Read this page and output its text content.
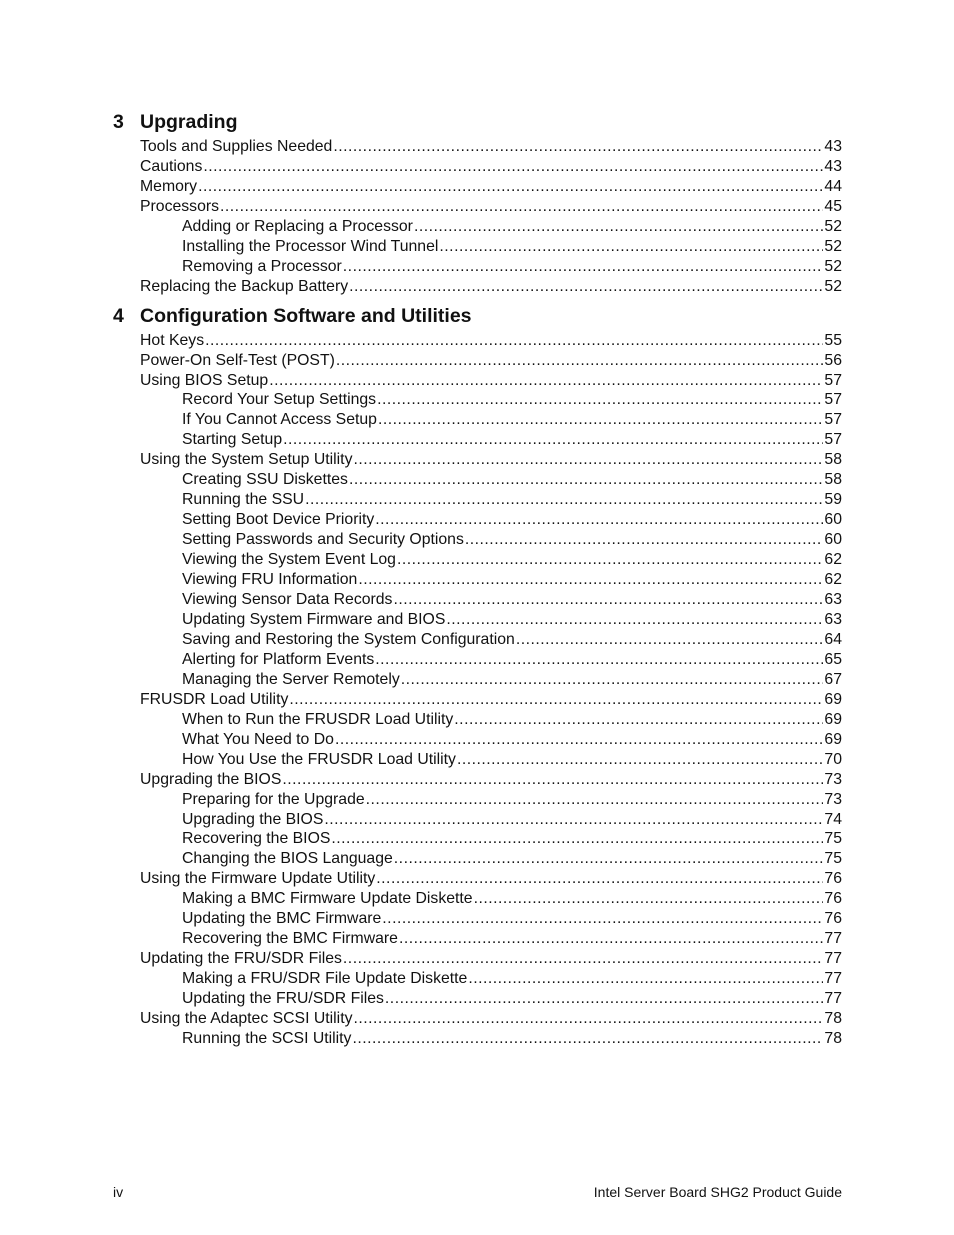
3 Upgrading
Tools and Supplies Needed .....	43
Cautions .....	43
Memory .....	44
Processors .....	45
Adding or Replacing a Processor .....	52
Installing the Processor Wind Tunnel .....	52
Removing a Processor .....	52
Replacing the Backup Battery .....	52
4 Configuration Software and Utilities
Hot Keys .....	55
Power-On Self-Test (POST) .....	56
Using BIOS Setup .....	57
Record Your Setup Settings .....	57
If You Cannot Access Setup .....	57
Starting Setup .....	57
Using the System Setup Utility .....	58
Creating SSU Diskettes .....	58
Running the SSU .....	59
Setting Boot Device Priority .....	60
Setting Passwords and Security Options .....	60
Viewing the System Event Log .....	62
Viewing FRU Information .....	62
Viewing Sensor Data Records .....	63
Updating System Firmware and BIOS .....	63
Saving and Restoring the System Configuration .....	64
Alerting for Platform Events .....	65
Managing the Server Remotely .....	67
FRUSDR Load Utility .....	69
When to Run the FRUSDR Load Utility .....	69
What You Need to Do .....	69
How You Use the FRUSDR Load Utility .....	70
Upgrading the BIOS .....	73
Preparing for the Upgrade .....	73
Upgrading the BIOS .....	74
Recovering the BIOS .....	75
Changing the BIOS Language .....	75
Using the Firmware Update Utility .....	76
Making a BMC Firmware Update Diskette .....	76
Updating the BMC Firmware .....	76
Recovering the BMC Firmware .....	77
Updating the FRU/SDR Files .....	77
Making a FRU/SDR File Update Diskette .....	77
Updating the FRU/SDR Files .....	77
Using the Adaptec SCSI Utility .....	78
Running the SCSI Utility .....	78
iv	Intel Server Board SHG2 Product Guide
